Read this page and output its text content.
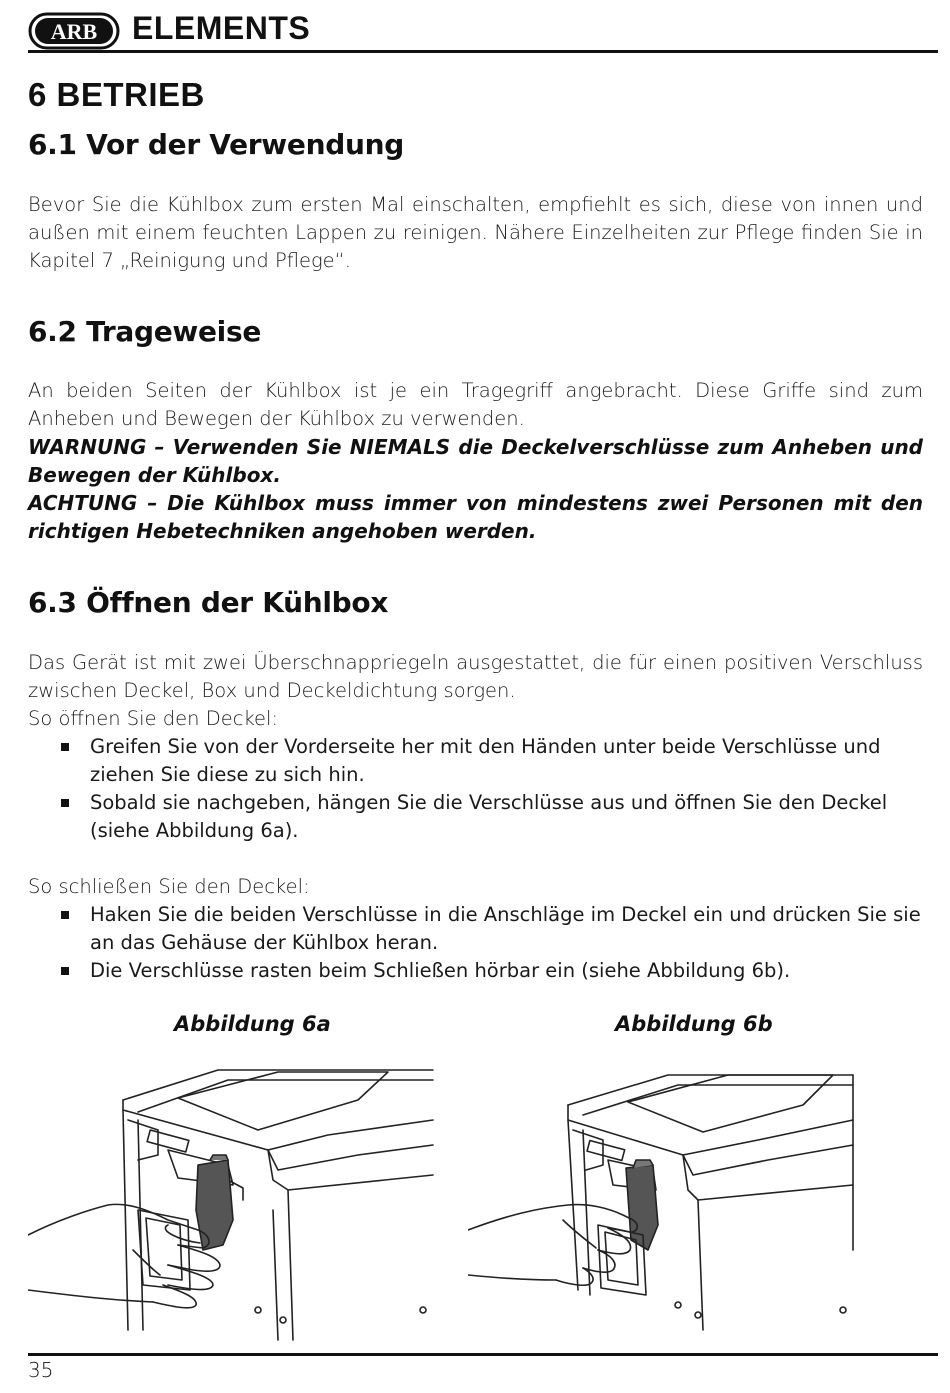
ARB ELEMENTS
6 BETRIEB
6.1 Vor der Verwendung

Bevor Sie die Kühlbox zum ersten Mal einschalten, empfiehlt es sich, diese von innen und außen mit einem feuchten Lappen zu reinigen. Nähere Einzelheiten zur Pflege finden Sie in Kapitel 7 „Reinigung und Pflege“.

6.2 Trageweise

An beiden Seiten der Kühlbox ist je ein Tragegriff angebracht. Diese Griffe sind zum Anheben und Bewegen der Kühlbox zu verwenden.

WARNUNG – Verwenden Sie NIEMALS die Deckelverschlüsse zum Anheben und Bewegen der Kühlbox.

ACHTUNG – Die Kühlbox muss immer von mindestens zwei Personen mit den richtigen Hebetechniken angehoben werden.

6.3 Öffnen der Kühlbox

Das Gerät ist mit zwei Überschnappriegeln ausgestattet, die für einen positiven Verschluss zwischen Deckel, Box und Deckeldichtung sorgen.

So öffnen Sie den Deckel:

Greifen Sie von der Vorderseite her mit den Händen unter beide Verschlüsse und ziehen Sie diese zu sich hin.
Sobald sie nachgeben, hängen Sie die Verschlüsse aus und öffnen Sie den Deckel (siehe Abbildung 6a).

So schließen Sie den Deckel:

Haken Sie die beiden Verschlüsse in die Anschläge im Deckel ein und drücken Sie sie an das Gehäuse der Kühlbox heran.
Die Verschlüsse rasten beim Schließen hörbar ein (siehe Abbildung 6b).
Abbildung 6a	Abbildung 6b
35
